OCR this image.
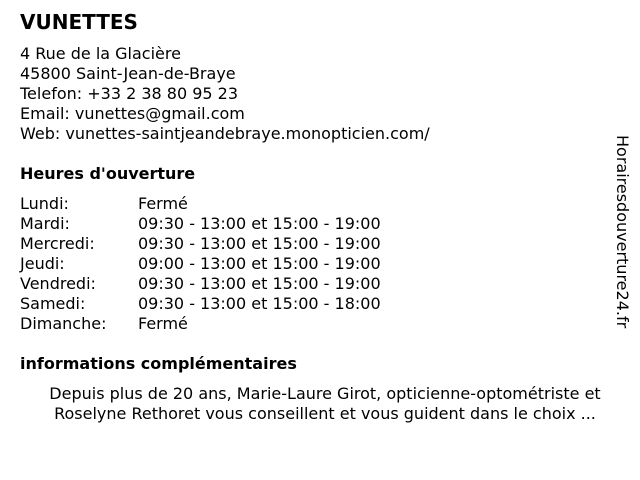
VUNETTES
4 Rue de la Glacière
45800 Saint-Jean-de-Braye
Telefon: +33 2 38 80 95 23
Email: vunettes@gmail.com
Web: vunettes-saintjeandebraye.monopticien.com/
Heures d'ouverture
Lundi:	Fermé
Mardi:	09:30 - 13:00 et 15:00 - 19:00
Mercredi:	09:30 - 13:00 et 15:00 - 19:00
Jeudi:	09:00 - 13:00 et 15:00 - 19:00
Vendredi:	09:30 - 13:00 et 15:00 - 19:00
Samedi:	09:30 - 13:00 et 15:00 - 18:00
Dimanche:	Fermé
informations complémentaires
Depuis plus de 20 ans, Marie-Laure Girot, opticienne-optométriste et
Roselyne Rethoret vous conseillent et vous guident dans le choix ...
Horairesdouverture24.fr
